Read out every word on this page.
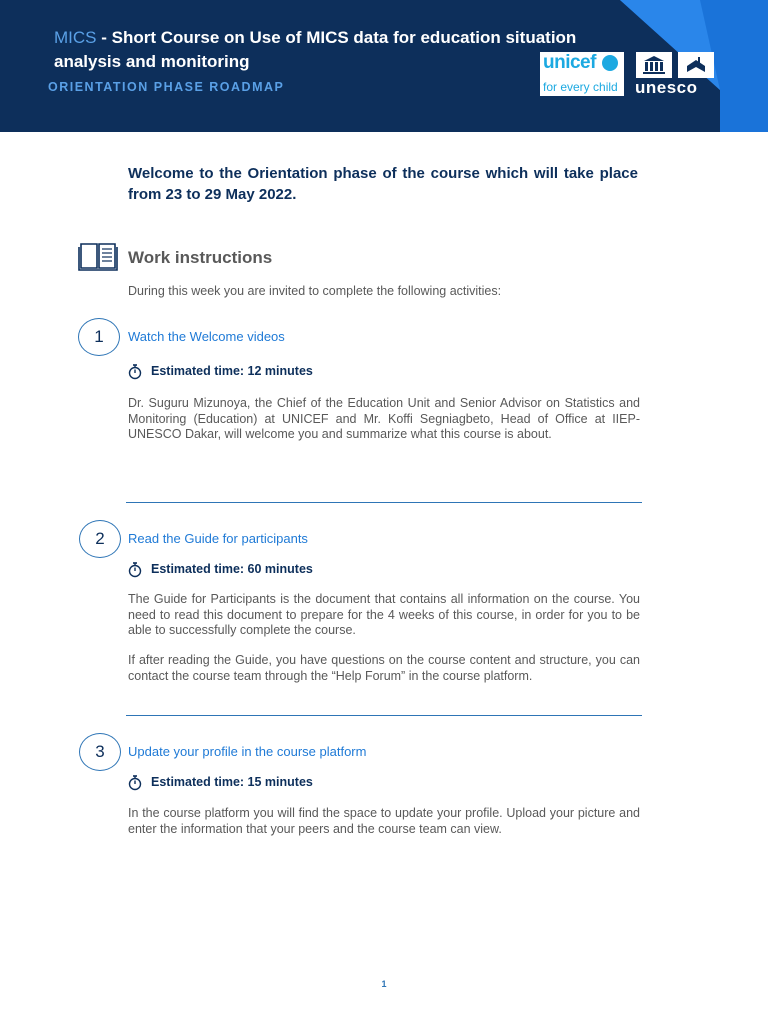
MICS - Short Course on Use of MICS data for education situation analysis and monitoring
ORIENTATION PHASE ROADMAP
unicef
for every child unesco
Welcome to the Orientation phase of the course which will take place from 23 to 29 May 2022.
Work instructions
During this week you are invited to complete the following activities:
1	Watch the Welcome videos
Estimated time: 12 minutes
Dr. Suguru Mizunoya, the Chief of the Education Unit and Senior Advisor on Statistics and Monitoring (Education) at UNICEF and Mr. Koffi Segniagbeto, Head of Office at IIEP-UNESCO Dakar, will welcome you and summarize what this course is about.
2	Read the Guide for participants
Estimated time: 60 minutes
The Guide for Participants is the document that contains all information on the course. You need to read this document to prepare for the 4 weeks of this course, in order for you to be able to successfully complete the course.
If after reading the Guide, you have questions on the course content and structure, you can contact the course team through the “Help Forum” in the course platform.
3	Update your profile in the course platform
Estimated time: 15 minutes
In the course platform you will find the space to update your profile. Upload your picture and enter the information that your peers and the course team can view.
1
